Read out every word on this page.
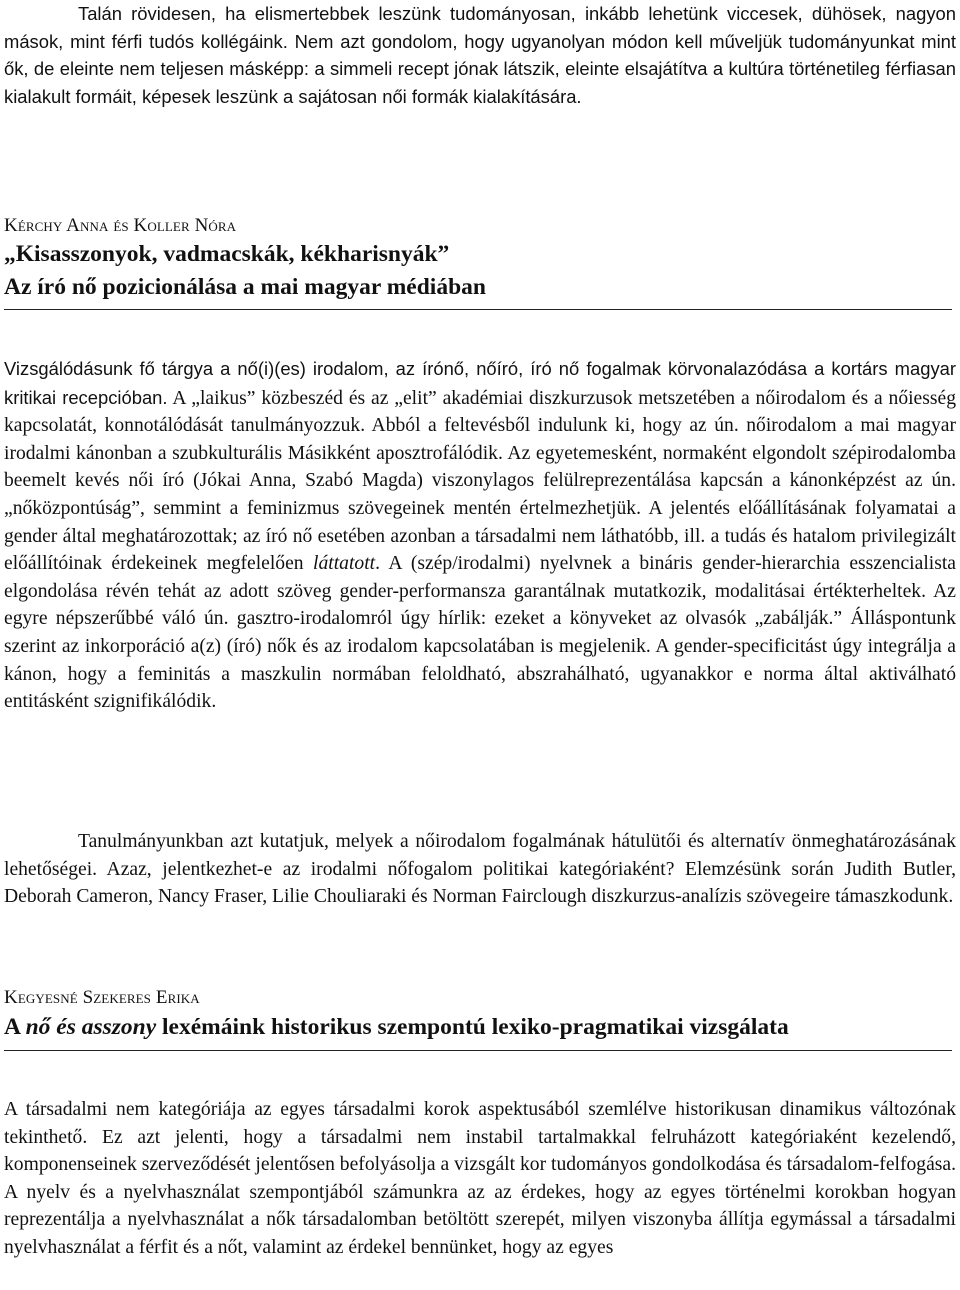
Talán rövidesen, ha elismertebbek leszünk tudományosan, inkább lehetünk viccesek, dühösek, nagyon mások, mint férfi tudós kollégáink. Nem azt gondolom, hogy ugyanolyan módon kell műveljük tudományunkat mint ők, de eleinte nem teljesen másképp: a simmeli recept jónak látszik, eleinte elsajátítva a kultúra történetileg férfiasan kialakult formáit, képesek leszünk a sajátosan női formák kialakítására.

Kérchy Anna és Koller Nóra

„Kisasszonyok, vadmacskák, kékharisnyák”

Az író nő pozicionálása a mai magyar médiában

Vizsgálódásunk fő tárgya a nő(i)(es) irodalom, az írónő, nőíró, író nő fogalmak körvonalazódása a kortárs magyar kritikai recepcióban. A „laikus” közbeszéd és az „elit” akadémiai diszkurzusok metszetében a nőirodalom és a nőiesség kapcsolatát, konnotálódását tanulmányozzuk. Abból a feltevésből indulunk ki, hogy az ún. nőirodalom a mai magyar irodalmi kánonban a szubkulturális Másikként aposztrofálódik. Az egyetemesként, normaként elgondolt szépirodalomba beemelt kevés női író (Jókai Anna, Szabó Magda) viszonylagos felülreprezentálása kapcsán a kánonképzést az ún. „nőközpontúság”, semmint a feminizmus szövegeinek mentén értelmezhetjük. A jelentés előállításának folyamatai a gender által meghatározottak; az író nő esetében azonban a társadalmi nem láthatóbb, ill. a tudás és hatalom privilegizált előállítóinak érdekeinek megfelelően láttatott. A (szép/irodalmi) nyelvnek a bináris gender-hierarchia esszencialista elgondolása révén tehát az adott szöveg gender-performansza garantálnak mutatkozik, modalitásai értékterheltek. Az egyre népszerűbbé váló ún. gasztro-irodalomról úgy hírlik: ezeket a könyveket az olvasók „zabálják.” Álláspontunk szerint az inkorporáció a(z) (író) nők és az irodalom kapcsolatában is megjelenik. A gender-specificitást úgy integrálja a kánon, hogy a feminitás a maszkulin normában feloldható, abszrahálható, ugyanakkor e norma által aktiválható entitásként szignifikálódik.

Tanulmányunkban azt kutatjuk, melyek a nőirodalom fogalmának hátulütői és alternatív önmeghatározásának lehetőségei. Azaz, jelentkezhet-e az irodalmi nőfogalom politikai kategóriaként? Elemzésünk során Judith Butler, Deborah Cameron, Nancy Fraser, Lilie Chouliaraki és Norman Fairclough diszkurzus-analízis szövegeire támaszkodunk.

Kegyesné Szekeres Erika

A nő és asszony lexémáink historikus szempontú lexiko-pragmatikai vizsgálata

A társadalmi nem kategóriája az egyes társadalmi korok aspektusából szemlélve historikusan dinamikus változónak tekinthető. Ez azt jelenti, hogy a társadalmi nem instabil tartalmakkal felruházott kategóriaként kezelendő, komponenseinek szerveződését jelentősen befolyásolja a vizsgált kor tudományos gondolkodása és társadalom-felfogása. A nyelv és a nyelvhasználat szempontjából számunkra az az érdekes, hogy az egyes történelmi korokban hogyan reprezentálja a nyelvhasználat a nők társadalomban betöltött szerepét, milyen viszonyba állítja egymással a társadalmi nyelvhasználat a férfit és a nőt, valamint az érdekel bennünket, hogy az egyes
